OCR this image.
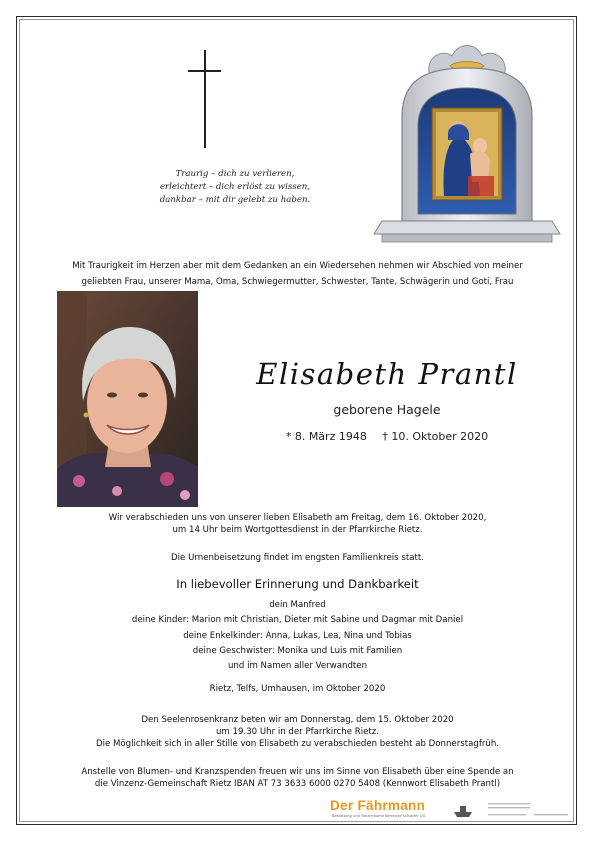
Traurig – dich zu verlieren,
erleichtert – dich erlöst zu wissen,
dankbar – mit dir gelebt zu haben.
Mit Traurigkeit im Herzen aber mit dem Gedanken an ein Wiedersehen nehmen wir Abschied von meiner
geliebten Frau, unserer Mama, Oma, Schwiegermutter, Schwester, Tante, Schwägerin und Goti, Frau
Elisabeth Prantl
geborene Hagele
* 8. März 1948 † 10. Oktober 2020
Wir verabschieden uns von unserer lieben Elisabeth am Freitag, dem 16. Oktober 2020,
um 14 Uhr beim Wortgottesdienst in der Pfarrkirche Rietz.
Die Urnenbeisetzung findet im engsten Familienkreis statt.
In liebevoller Erinnerung und Dankbarkeit
dein Manfred
deine Kinder: Marion mit Christian, Dieter mit Sabine und Dagmar mit Daniel
deine Enkelkinder: Anna, Lukas, Lea, Nina und Tobias
deine Geschwister: Monika und Luis mit Familien
und im Namen aller Verwandten
Rietz, Telfs, Umhausen, im Oktober 2020
Den Seelenrosenkranz beten wir am Donnerstag, dem 15. Oktober 2020
um 19.30 Uhr in der Pfarrkirche Rietz.
Die Möglichkeit sich in aller Stille von Elisabeth zu verabschieden besteht ab Donnerstagfrüh.
Anstelle von Blumen- und Kranzspenden freuen wir uns im Sinne von Elisabeth über eine Spende an
die Vinzenz-Gemeinschaft Rietz IBAN AT 73 3633 6000 0270 5408 (Kennwort Elisabeth Prantl)
Der Fährmann
Bestattung und Trauerräume Bernhard Schopfer OG
